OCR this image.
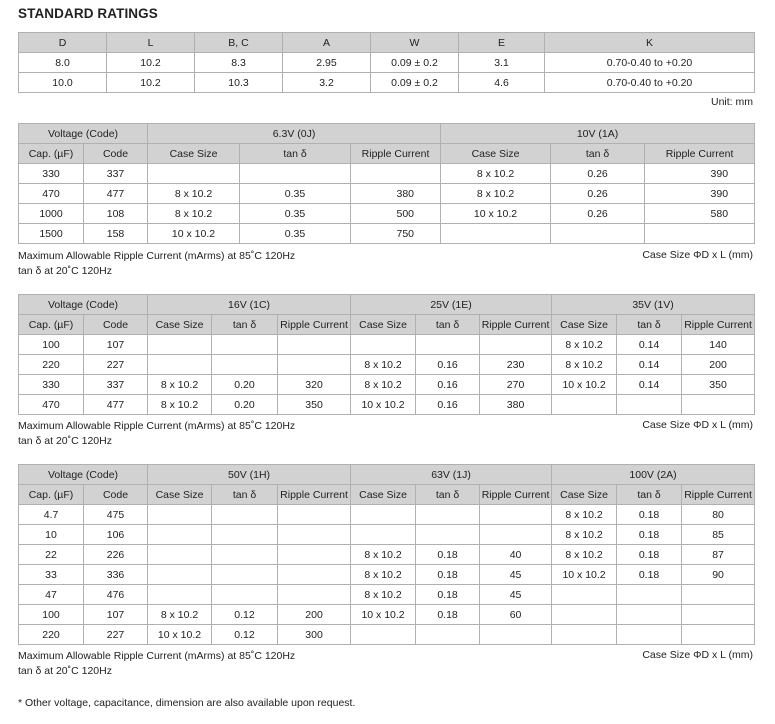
STANDARD RATINGS
D	L	B, C	A	W	E	K
8.0	10.2	8.3	2.95	0.09 ± 0.2	3.1	0.70-0.40 to +0.20
10.0	10.2	10.3	3.2	0.09 ± 0.2	4.6	0.70-0.40 to +0.20
Unit: mm
Voltage (Code)		6.3V (0J)			10V (1A)		
Cap. (µF)	Code	Case Size	tan δ	Ripple Current	Case Size	tan δ	Ripple Current
330	337				8 x 10.2	0.26	390
470	477	8 x 10.2	0.35	380	8 x 10.2	0.26	390
1000	108	8 x 10.2	0.35	500	10 x 10.2	0.26	580
1500	158	10 x 10.2	0.35	750			
Maximum Allowable Ripple Current (mArms) at 85˚C 120Hz
tan δ at 20˚C 120Hz
Case Size ΦD x L (mm)
Voltage (Code)		16V (1C)			25V (1E)			35V (1V)		
Cap. (µF)	Code	Case Size	tan δ	Ripple Current	Case Size	tan δ	Ripple Current	Case Size	tan δ	Ripple Current
100	107							8 x 10.2	0.14	140
220	227				8 x 10.2	0.16	230	8 x 10.2	0.14	200
330	337	8 x 10.2	0.20	320	8 x 10.2	0.16	270	10 x 10.2	0.14	350
470	477	8 x 10.2	0.20	350	10 x 10.2	0.16	380			
Maximum Allowable Ripple Current (mArms) at 85˚C 120Hz
tan δ at 20˚C 120Hz
Case Size ΦD x L (mm)
Voltage (Code)		50V (1H)			63V (1J)			100V (2A)		
Cap. (µF)	Code	Case Size	tan δ	Ripple Current	Case Size	tan δ	Ripple Current	Case Size	tan δ	Ripple Current
4.7	475							8 x 10.2	0.18	80
10	106							8 x 10.2	0.18	85
22	226				8 x 10.2	0.18	40	8 x 10.2	0.18	87
33	336				8 x 10.2	0.18	45	10 x 10.2	0.18	90
47	476				8 x 10.2	0.18	45			
100	107	8 x 10.2	0.12	200	10 x 10.2	0.18	60			
220	227	10 x 10.2	0.12	300						
Maximum Allowable Ripple Current (mArms) at 85˚C 120Hz
tan δ at 20˚C 120Hz
Case Size ΦD x L (mm)
* Other voltage, capacitance, dimension are also available upon request.
